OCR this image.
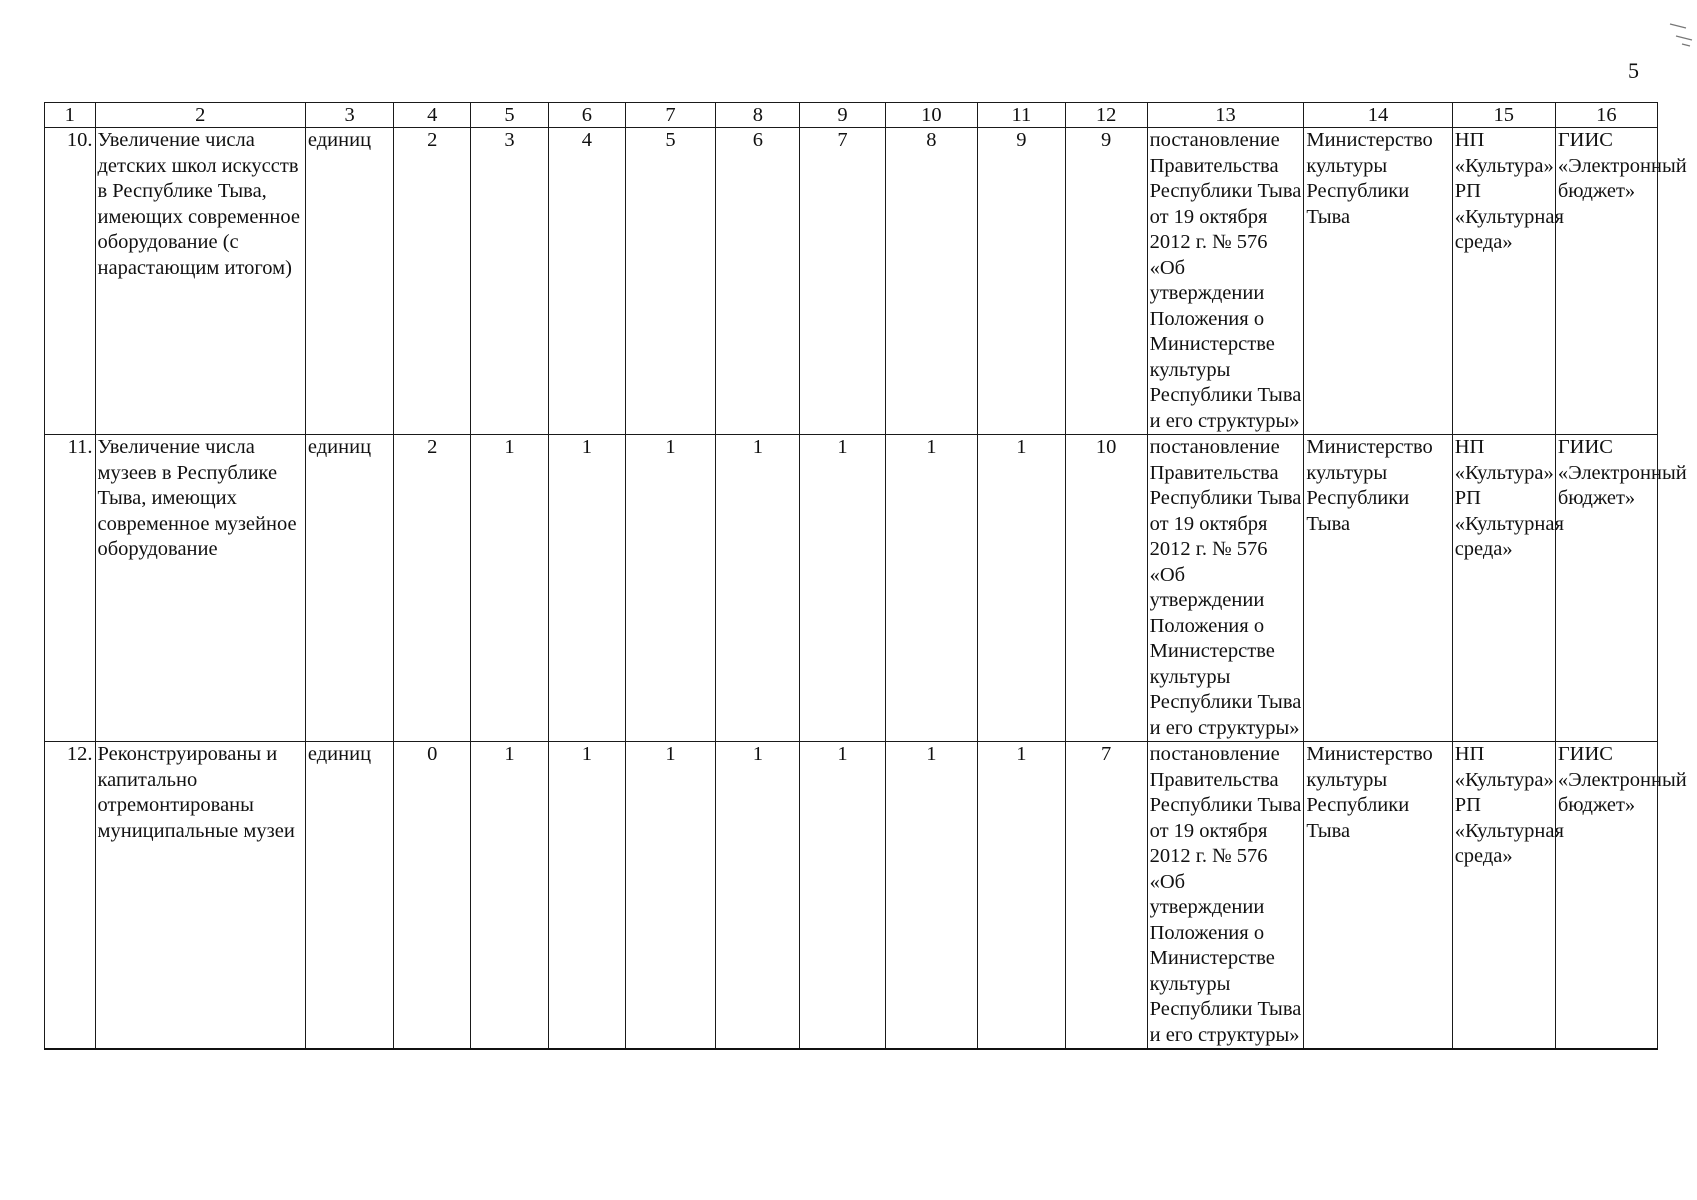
5
1	2	3	4	5	6	7	8	9	10	11	12	13	14	15	16
10.	Увеличение числа детских школ искусств в Республике Тыва, имеющих современное оборудование (с нарастающим итогом)	единиц	2	3	4	5	6	7	8	9	9	постановление Правительства Республики Тыва от 19 октября 2012 г. № 576 «Об утверждении Положения о Министерстве культуры Республики Тыва и его структуры»	Министерство культуры Республики Тыва	НП «Культура» РП «Культурная среда»	ГИИС «Электронный бюджет»
11.	Увеличение числа музеев в Республике Тыва, имеющих современное музейное оборудование	единиц	2	1	1	1	1	1	1	1	10	постановление Правительства Республики Тыва от 19 октября 2012 г. № 576 «Об утверждении Положения о Министерстве культуры Республики Тыва и его структуры»	Министерство культуры Республики Тыва	НП «Культура» РП «Культурная среда»	ГИИС «Электронный бюджет»
12.	Реконструированы и капитально отремонтированы муниципальные музеи	единиц	0	1	1	1	1	1	1	1	7	постановление Правительства Республики Тыва от 19 октября 2012 г. № 576 «Об утверждении Положения о Министерстве культуры Республики Тыва и его структуры»	Министерство культуры Республики Тыва	НП «Культура» РП «Культурная среда»	ГИИС «Электронный бюджет»
